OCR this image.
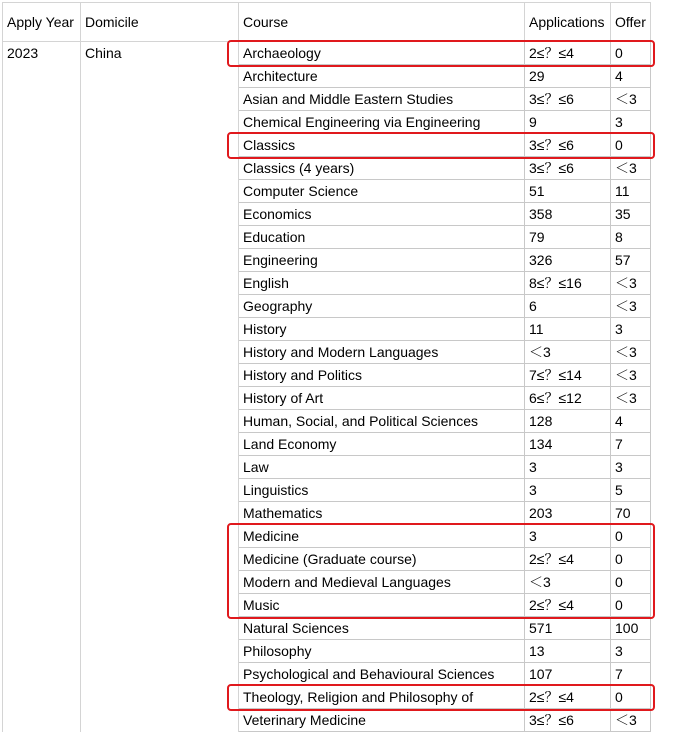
Apply Year	Domicile	Course	Applications	Offer
2023	China	Archaeology	2≤？≤4	0
		Architecture	29	4
		Asian and Middle Eastern Studies	3≤？≤6	＜3
		Chemical Engineering via Engineering	9	3
		Classics	3≤？≤6	0
		Classics (4 years)	3≤？≤6	＜3
		Computer Science	51	11
		Economics	358	35
		Education	79	8
		Engineering	326	57
		English	8≤？≤16	＜3
		Geography	6	＜3
		History	11	3
		History and Modern Languages	＜3	＜3
		History and Politics	7≤？≤14	＜3
		History of Art	6≤？≤12	＜3
		Human, Social, and Political Sciences	128	4
		Land Economy	134	7
		Law	3	3
		Linguistics	3	5
		Mathematics	203	70
		Medicine	3	0
		Medicine (Graduate course)	2≤？≤4	0
		Modern and Medieval Languages	＜3	0
		Music	2≤？≤4	0
		Natural Sciences	571	100
		Philosophy	13	3
		Psychological and Behavioural Sciences	107	7
		Theology, Religion and Philosophy of	2≤？≤4	0
		Veterinary Medicine	3≤？≤6	＜3
